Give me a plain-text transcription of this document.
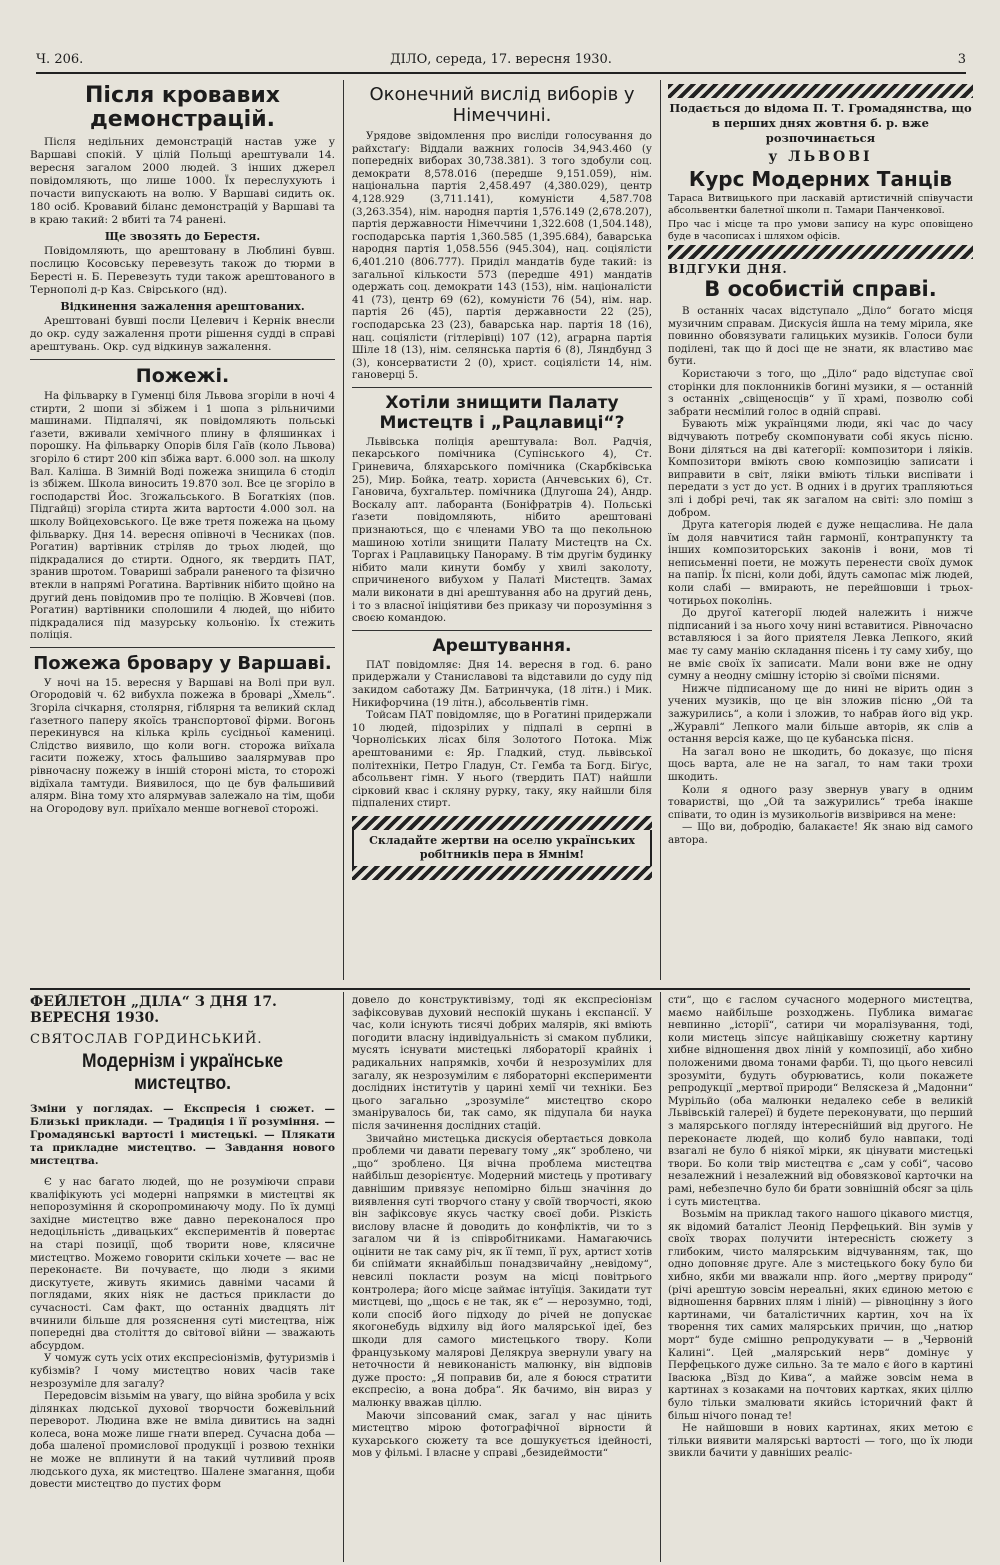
Ч. 206.	ДІЛО, середа, 17. вересня 1930.	3

Після кровавих демонстрацій.

Після недільних демонстрацій настав уже у Варшаві спокій. У цілій Польщі арештували 14. вересня загалом 2000 людей. З інших джерел повідомляють, що лише 1000. Їх переслухують і почасти випускають на волю. У Варшаві сидить ок. 180 осіб. Кровавий біланс демонстрацій у Варшаві та в краю такий: 2 вбиті та 74 ранені.

Ще звозять до Берестя.

Повідомляють, що арештовану в Люблині бувш. послицю Косовську перевезуть також до тюрми в Бересті н. Б. Перевезуть туди також арештованого в Тернополі д-р Каз. Свірського (нд).

Відкинення зажалення арештованих.

Арештовані бувші посли Целевич і Кернік внесли до окр. суду зажалення проти рішення судді в справі арештувань. Окр. суд відкинув зажалення.

Пожежі.

На фільварку в Гуменці біля Львова згоріли в ночі 4 стирти, 2 шопи зі збіжем і 1 шопа з рільничими машинами. Підпалячі, як повідомляють польські ґазети, вживали хемічного плину в фляшинках і порошку. На фільварку Опорів біля Гаїв (коло Львова) згоріло 6 стирт 200 кіп збіжа варт. 6.000 зол. на школу Вал. Каліша. В Зимній Воді пожежа знищила 6 стоділ із збіжем. Школа виносить 19.870 зол. Все це згоріло в господарстві Йос. Згожальського. В Богаткіях (пов. Підгайці) згоріла стирта жита вартости 4.000 зол. на школу Войцеховського. Це вже третя пожежа на цьому фільварку. Дня 14. вересня опівночі в Чесниках (пов. Рогатин) вартівник стріляв до трьох людей, що підкрадалися до стирти. Одного, як твердить ПАТ, зранив шротом. Товариші забрали раненого та фізично втекли в напрямі Рогатина. Вартівник нібито щойно на другий день повідомив про те поліцію. В Жовчеві (пов. Рогатин) вартівники сполошили 4 людей, що нібито підкрадалися під мазурську кольонію. Їх стежить поліція.

Пожежа бровару у Варшаві.

У ночі на 15. вересня у Варшаві на Волі при вул. Огородовій ч. 62 вибухла пожежа в броварі „Хмель“. Згоріла січкарня, столярня, гіблярня та великий склад ґазетного паперу якоїсь транспортової фірми. Вогонь перекинувся на кілька кріль сусідньої камениці. Слідство виявило, що коли вогн. сторожа виїхала гасити пожежу, хтось фальшиво заалярмував про рівночасну пожежу в іншій стороні міста, то сторожі відїхала тамтуди. Виявилося, що це був фальшивий алярм. Віна тому хто алярмував залежало на тім, щоби на Огородову вул. приїхало менше вогневої сторожі.

Оконечний вислід виборів у Німеччині.

Урядове звідомлення про висліди голосування до райхстаґу: Віддали важних голосів 34,943.460 (у попередніх виборах 30,738.381). З того здобули соц. демократи 8,578.016 (передше 9,151.059), нім. національна партія 2,458.497 (4,380.029), центр 4,128.929 (3,711.141), комуністи 4,587.708 (3,263.354), нім. народня партія 1,576.149 (2,678.207), партія державности Німеччини 1,322.608 (1,504.148), господарська партія 1,360.585 (1,395.684), баварська народня партія 1,058.556 (945.304), нац. соціялісти 6,401.210 (806.777). Приділ мандатів буде такий: із загальної кількости 573 (передше 491) мандатів одержать соц. демократи 143 (153), нім. націоналісти 41 (73), центр 69 (62), комуністи 76 (54), нім. нар. партія 26 (45), партія державности 22 (25), господарська 23 (23), баварська нар. партія 18 (16), нац. соціялісти (гітлерівці) 107 (12), аграрна партія Шіле 18 (13), нім. селянська партія 6 (8), Ляндбунд 3 (3), консерватисти 2 (0), христ. соціялісти 14, нім. гановерці 5.

Хотіли знищити Палату Мистецтв і „Рацлавиці“?

Львівська поліція арештувала: Вол. Радчія, пекарського помічника (Супінського 4), Ст. Гриневича, бляхарського помічника (Скарбківська 25), Мир. Бойка, театр. хориста (Анчевських 6), Ст. Гановича, бухгальтер. помічника (Длугоша 24), Андр. Воскалу апт. лаборанта (Боніфратрів 4). Польські ґазети повідомляють, нібито арештовані признаються, що є членами УВО та що пекольною машиною хотіли знищити Палату Мистецтв на Сх. Торгах і Рацлавицьку Панораму. В тім другім будинку нібито мали кинути бомбу у хвилі заколоту, спричиненого вибухом у Палаті Мистецтв. Замах мали виконати в дні арештування або на другий день, і то з власної ініціятиви без приказу чи порозуміння з своєю командою.

Арештування.

ПАТ повідомляє: Дня 14. вересня в год. 6. рано придержали у Станиславові та відставили до суду під закидом саботажу Дм. Батринчука, (18 літн.) і Мик. Никифорчина (19 літн.), абсольвентів гімн.

Тойсам ПАТ повідомляє, що в Рогатині придержали 10 людей, підозрілих у підпалі в серпні в Чорноліських лісах біля Золотого Потока. Між арештованими є: Яр. Гладкий, студ. львівської політехніки, Петро Гладун, Ст. Гемба та Богд. Біґус, абсольвент гімн. У нього (твердить ПАТ) найшли сірковий квас і скляну рурку, таку, яку найшли біля підпалених стирт.

Складайте жертви на оселю українських робітників пера в Ямнім!

Подається до відома П. Т. Громадянства, що в перших днях жовтня б. р. вже розпочинається

у ЛЬВОВІ

Курс Модерних Танців

Тараса Витвицького при ласкавій артистичній співучасти абсольвентки балетної школи п. Тамари Панченкової.

Про час і місце та про умови запису на курс оповіщено буде в часописах і шляхом офісів.

ВІДГУКИ ДНЯ.

В особистій справі.

В останніх часах відступало „Діло“ богато місця музичним справам. Дискусія йшла на тему мірила, яке повинно обовязувати галицьких музиків. Голоси були поділені, так що й досі ще не знати, як властиво має бути.

Користаючи з того, що „Діло“ радо відступає свої сторінки для поклонників богині музики, я — останній з останніх „свіщеносців“ у її храмі, позволю собі забрати несмілий голос в одній справі.

Бувають між українцями люди, які час до часу відчувають потребу скомпонувати собі якусь пісню. Вони діляться на дві категорії: композитори і ляіків. Композитори вміють свою композицію записати і виправити в світ, ляіки вміють тільки виспівати і передати з уст до уст. В одних і в других трапляються злі і добрі речі, так як загалом на світі: зло поміш з добром.

Друга категорія людей є дуже нещаслива. Не дала їм доля навчитися тайн гармонії, контрапункту та інших композиторських законів і вони, мов ті неписьменні поети, не можуть перенести своїх думок на папір. Їх пісні, коли добі, йдуть самопас між людей, коли слабі — вмирають, не перейшовши і трьох-чотирьох поколінь.

До другої категорії людей належить і нижче підписаний і за нього хочу нині вставитися. Рівночасно вставляюся і за його приятеля Левка Лепкого, який має ту саму манію складання пісень і ту саму хибу, що не вміє своїх їх записати. Мали вони вже не одну сумну а неодну смішну історію зі своїми піснями.

Нижче підписаному ще до нині не вірить один з учених музиків, що це він зложив пісню „Ой та зажурились“, а коли і зложив, то набрав його від укр. „Журавлі“ Лепкого мали більше авторів, як слів а остання версія каже, що це кубанська пісня.

На загал воно не шкодить, бо доказує, що пісня щось варта, але не на загал, то нам таки трохи шкодить.

Коли я одного разу звернув увагу в одним товаристві, що „Ой та зажурились“ треба інакше співати, то один із музикольогів визвірився на мене:

— Що ви, добродію, балакаєте! Як знаю від самого автора.

ФЕЙЛЕТОН „ДІЛА“ З ДНЯ 17. ВЕРЕСНЯ 1930.

СВЯТОСЛАВ ГОРДИНСЬКИЙ.

Модернізм і українське мистецтво.

Зміни у поглядах. — Експресія і сюжет. — Близькі приклади. — Традиція і її розуміння. — Громадянські вартості і мистецькі. — Плякати та прикладне мистецтво. — Завдання нового мистецтва.

Є у нас багато людей, що не розуміючи справи кваліфікують усі модерні напрямки в мистецтві як непорозуміння й скоропроминаючу моду. По їх думці західне мистецтво вже давно переконалося про недоцільність „дивацьких“ експериментів й повертає на старі позиції, щоб творити нове, клясичне мистецтво. Можемо говорити скільки хочете — вас не переконаєте. Ви почуваєте, що люди з якими дискутуєте, живуть якимись давніми часами й поглядами, яких ніяк не дасться прикласти до сучасності. Сам факт, що останніх двадцять літ вчинили більше для розяснення суті мистецтва, ніж попередні два століття до світової війни — зважають абсурдом.

У чомуж суть усіх отих експресіонізмів, футуризмів і кубізмів? І чому мистецтво нових часів таке незрозуміле для загалу?

Передовсім візьмім на увагу, що війна зробила у всіх ділянках людської духової творчости божевільний переворот. Людина вже не вміла дивитись на задні колеса, вона може лише гнати вперед. Сучасна доба — доба шаленої промислової продукції і розвою техніки не може не вплинути й на такий чутливий прояв людського духа, як мистецтво. Шалене змагання, щоби довести мистецтво до пустих форм

довело до конструктивізму, тоді як експресіонізм зафіксовував духовий неспокій шукань і експансії. У час, коли існують тисячі добрих малярів, які вміють погодити власну індивідуальність зі смаком публики, мусять існувати мистецькі лябораторії крайніх і радикальних напрямків, хочби й незрозумілих для загалу, як незрозумілим є лябораторні експерименти дослідних інститутів у царині хемії чи техніки. Без цього загально „зрозуміле“ мистецтво скоро зманірувалось би, так само, як підупала би наука після зачинення дослідних стацій.

Звичайно мистецька дискусія обертається довкола проблеми чи давати перевагу тому „як“ зроблено, чи „що“ зроблено. Ця вічна проблема мистецтва найбільш дезорієнтує. Модерний мистець у противагу давнішим привязує непомірно більш значіння до виявлення суті творчого стану у своїй творчості, якою він зафіксовує якусь частку своєї доби. Різкість вислову власне й доводить до конфліктів, чи то з загалом чи й із співробітниками. Намагаючись оцінити не так саму річ, як її темп, її рух, артист хотів би спіймати якнайбільш понадзвичайну „невідому“, невсилі покласти розум на місці повітрього контролера; його місце займає інтуїція. Закидати тут мистцеві, що „щось є не так, як є“ — нерозумно, тоді, коли спосіб його підходу до річей не допускає якогонебудь відхилу від його малярської ідеї, без шкоди для самого мистецького твору. Коли французькому малярові Делякруа звернули увагу на неточности й невиконаність малюнку, він відповів дуже просто: „Я поправив би, але я боюся стратити експресію, а вона добра“. Як бачимо, він вираз у малюнку вважав ціллю.

Маючи зіпсований смак, загал у нас цінить мистецтво мірою фотографічної вірности й кухарського сюжету та все дошукується ідейності, мов у фільмі. І власне у справі „безидеймости“

сти“, що є гаслом сучасного модерного мистецтва, маємо найбільше розходжень. Публика вимагає невпинно „історії“, сатири чи моралізування, тоді, коли мистець зіпсує найцікавішу сюжетну картину хибне відношення двох ліній у композиції, або хибно положеними двома тонами фарби. Ті, що цього невсилі зрозуміти, будуть обурюватись, коли покажете репродукції „мертвої природи“ Веляскеза й „Мадонни“ Мурільйо (оба малюнки недалеко себе в великій Львівській галереї) й будете переконувати, що перший з малярського погляду інтереснійший від другого. Не переконаєте людей, що колиб було навпаки, тоді взагалі не було б ніякої мірки, як цінувати мистецькі твори. Бо коли твір мистецтва є „сам у собі“, часово незалежний і незалежний від обовязкової карточки на рамі, небезпечно було би брати зовнішній обсяг за ціль і суть мистецтва.

Возьмім на приклад такого нашого цікавого мистця, як відомий баталіст Леонід Перфецький. Він зумів у своїх творах получити інтересність сюжету з глибоким, чисто малярським відчуванням, так, що одно доповняє друге. Але з мистецького боку було би хибно, якби ми вважали нпр. його „мертву природу“ (річі арештую зовсім нереальні, яких єдиною метою є відношення барвних плям і ліній) — рівноцінну з його картинами, чи баталістичних картин, хоч на їх творення тих самих малярських причин, що „натюр морт“ буде смішно репродукувати — в „Червоній Калині“. Цей „малярський нерв“ домінує у Перфецького дуже сильно. За те мало є його в картині Івасюка „Вїзд до Кива“, а майже зовсім нема в картинах з козаками на почтових картках, яких ціллю було тільки змалювати якийсь історичний факт й більш нічого понад те!

Не найшовши в нових картинах, яких метою є тільки виявити малярські вартості — того, що їх люди звикли бачити у давніших реаліс-
